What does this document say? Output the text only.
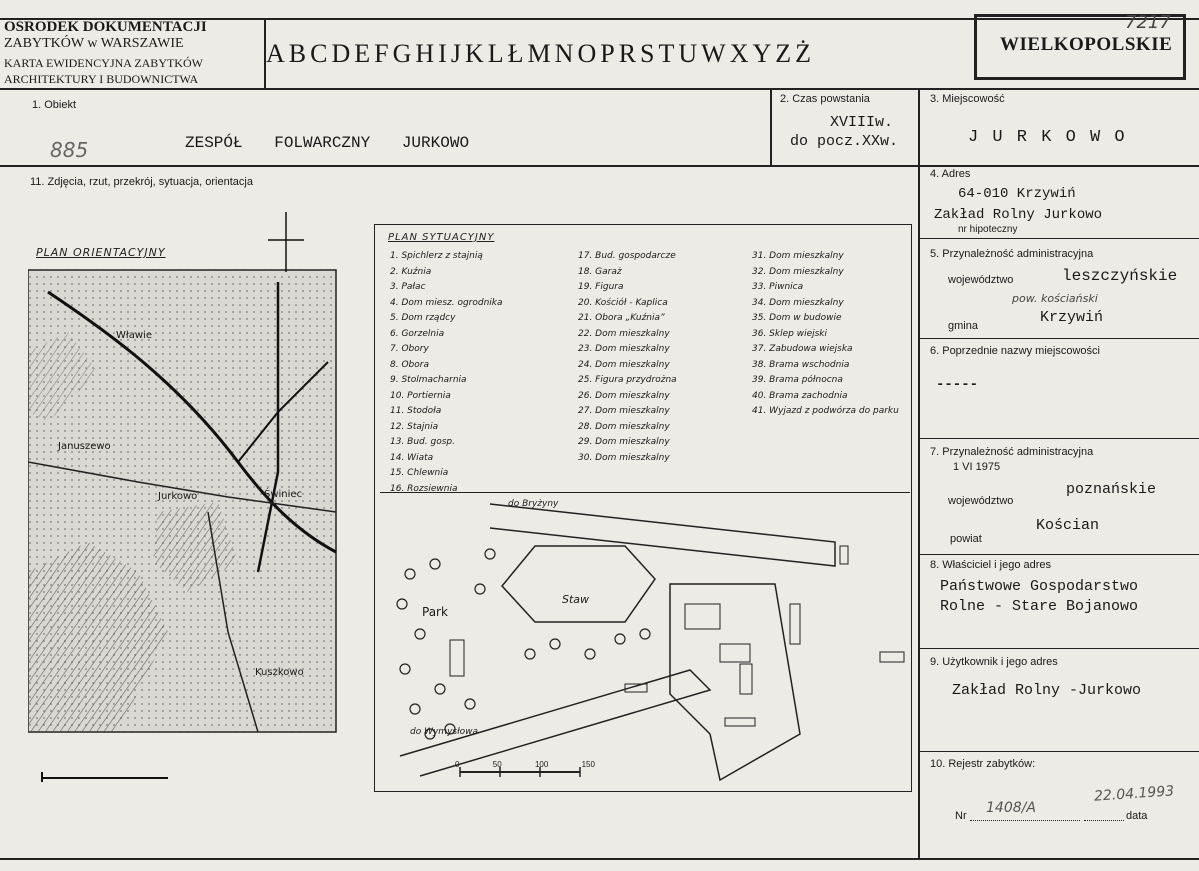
OŚRODEK DOKUMENTACJI
ZABYTKÓW w WARSZAWIE
KARTA EWIDENCYJNA ZABYTKÓW
ARCHITEKTURY I BUDOWNICTWA
A B C D E F G H I J K L Ł M N O P R S T U W X Y Z Ż	WIELKOPOLSKIE
7217
1. Obiekt
885	ZESPÓŁ FOLWARCZNY JURKOWO
2. Czas powstania
XVIIIw.
do pocz.XXw.
3. Miejscowość
J U R K O W O
11. Zdjęcia, rzut, przekrój, sytuacja, orientacja
PLAN ORIENTACYJNY
Wławie
Januszewo
Jurkowo	Świniec
Kuszkowo
PLAN SYTUACYJNY
1. Spichlerz z stajnią
2. Kuźnia
3. Pałac
4. Dom miesz. ogrodnika
5. Dom rządcy
6. Gorzelnia
7. Obory
8. Obora
9. Stolmacharnia
10. Portiernia
11. Stodoła
12. Stajnia
13. Bud. gosp.
14. Wiata
15. Chlewnia
16. Rozsiewnia
17. Bud. gospodarcze
18. Garaż
19. Figura
20. Kościół - Kaplica
21. Obora „Kuźnia”
22. Dom mieszkalny
23. Dom mieszkalny
24. Dom mieszkalny
25. Figura przydrożna
26. Dom mieszkalny
27. Dom mieszkalny
28. Dom mieszkalny
29. Dom mieszkalny
30. Dom mieszkalny
31. Dom mieszkalny
32. Dom mieszkalny
33. Piwnica
34. Dom mieszkalny
35. Dom w budowie
36. Sklep wiejski
37. Zabudowa wiejska
38. Brama wschodnia
39. Brama północna
40. Brama zachodnia
41. Wyjazd z podwórza do parku
Park
Staw
do Bryżyny
do Wymysłowa
0	50	100	150
4. Adres
64-010 Krzywiń
Zakład Rolny Jurkowo
nr hipoteczny
5. Przynależność administracyjna
województwo	leszczyńskie
pow. kościański
gmina	Krzywiń
6. Poprzednie nazwy miejscowości
-----
7. Przynależność administracyjna
1 VI 1975
województwo
poznańskie
powiat
Kościan
8. Właściciel i jego adres
Państwowe Gospodarstwo
Rolne - Stare Bojanowo
9. Użytkownik i jego adres
Zakład Rolny -Jurkowo
10. Rejestr zabytków:
Nr 1408/A	data
22.04.1993
